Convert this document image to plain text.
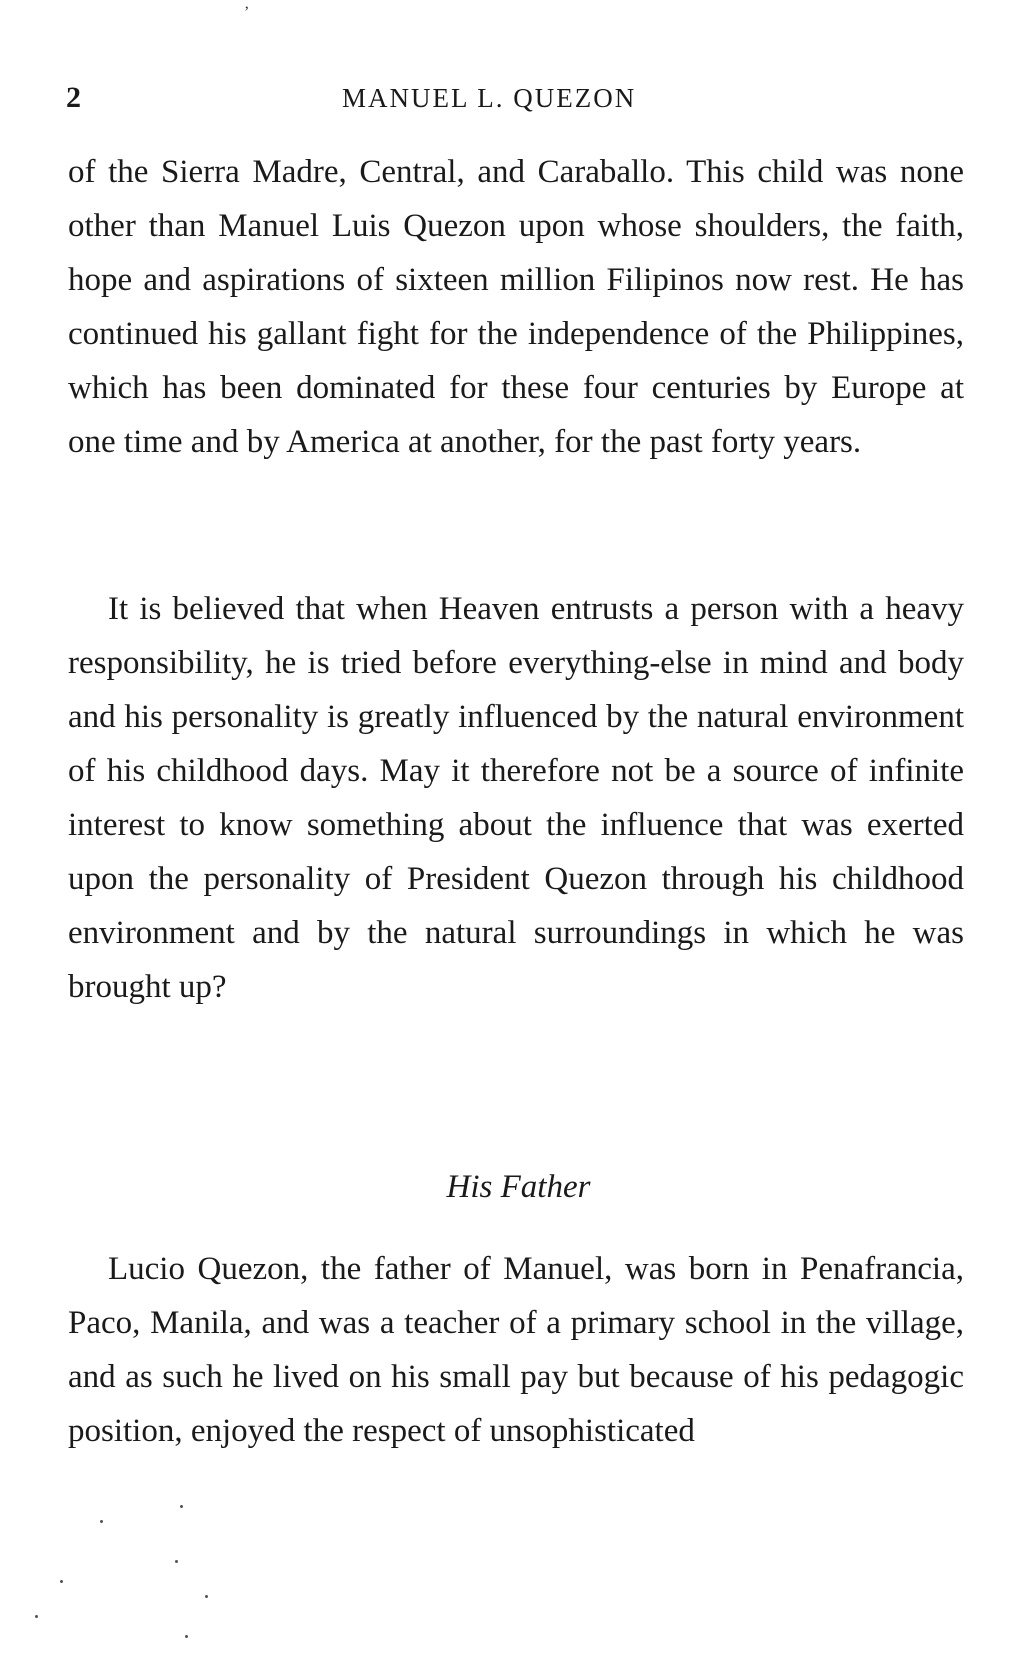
’
2	MANUEL L. QUEZON

of the Sierra Madre, Central, and Caraballo. This child was none other than Manuel Luis Quezon upon whose shoulders, the faith, hope and aspirations of sixteen million Filipinos now rest. He has continued his gallant fight for the independence of the Philippines, which has been dominated for these four centuries by Europe at one time and by America at another, for the past forty years.

It is believed that when Heaven entrusts a person with a heavy responsibility, he is tried before everything-else in mind and body and his personality is greatly influenced by the natural environment of his childhood days. May it therefore not be a source of infinite interest to know something about the influence that was exerted upon the personality of President Quezon through his childhood environment and by the natural surroundings in which he was brought up?

His Father

Lucio Quezon, the father of Manuel, was born in Penafrancia, Paco, Manila, and was a teacher of a primary school in the village, and as such he lived on his small pay but because of his pedagogic position, enjoyed the respect of unsophisticated
